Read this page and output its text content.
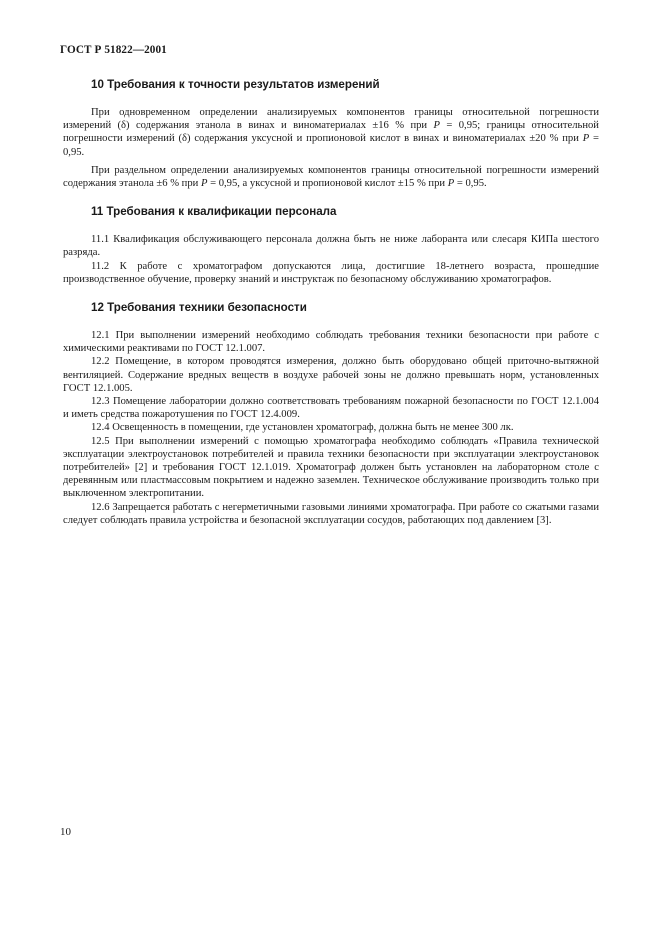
ГОСТ Р 51822—2001
10 Требования к точности результатов измерений

При одновременном определении анализируемых компонентов границы относительной погрешности измерений (δ) содержания этанола в винах и виноматериалах ±16 % при P = 0,95; границы относительной погрешности измерений (δ) содержания уксусной и пропионовой кислот в винах и виноматериалах ±20 % при P = 0,95.

При раздельном определении анализируемых компонентов границы относительной погрешности измерений содержания этанола ±6 % при P = 0,95, а уксусной и пропионовой кислот ±15 % при P = 0,95.

11 Требования к квалификации персонала

11.1 Квалификация обслуживающего персонала должна быть не ниже лаборанта или слесаря КИПа шестого разряда.

11.2 К работе с хроматографом допускаются лица, достигшие 18-летнего возраста, прошедшие производственное обучение, проверку знаний и инструктаж по безопасному обслуживанию хроматографов.

12 Требования техники безопасности

12.1 При выполнении измерений необходимо соблюдать требования техники безопасности при работе с химическими реактивами по ГОСТ 12.1.007.

12.2 Помещение, в котором проводятся измерения, должно быть оборудовано общей приточно-вытяжной вентиляцией. Содержание вредных веществ в воздухе рабочей зоны не должно превышать норм, установленных ГОСТ 12.1.005.

12.3 Помещение лаборатории должно соответствовать требованиям пожарной безопасности по ГОСТ 12.1.004 и иметь средства пожаротушения по ГОСТ 12.4.009.

12.4 Освещенность в помещении, где установлен хроматограф, должна быть не менее 300 лк.

12.5 При выполнении измерений с помощью хроматографа необходимо соблюдать «Правила технической эксплуатации электроустановок потребителей и правила техники безопасности при эксплуатации электроустановок потребителей» [2] и требования ГОСТ 12.1.019. Хроматограф должен быть установлен на лабораторном столе с деревянным или пластмассовым покрытием и надежно заземлен. Техническое обслуживание производить только при выключенном электропитании.

12.6 Запрещается работать с негерметичными газовыми линиями хроматографа. При работе со сжатыми газами следует соблюдать правила устройства и безопасной эксплуатации сосудов, работающих под давлением [3].

10
